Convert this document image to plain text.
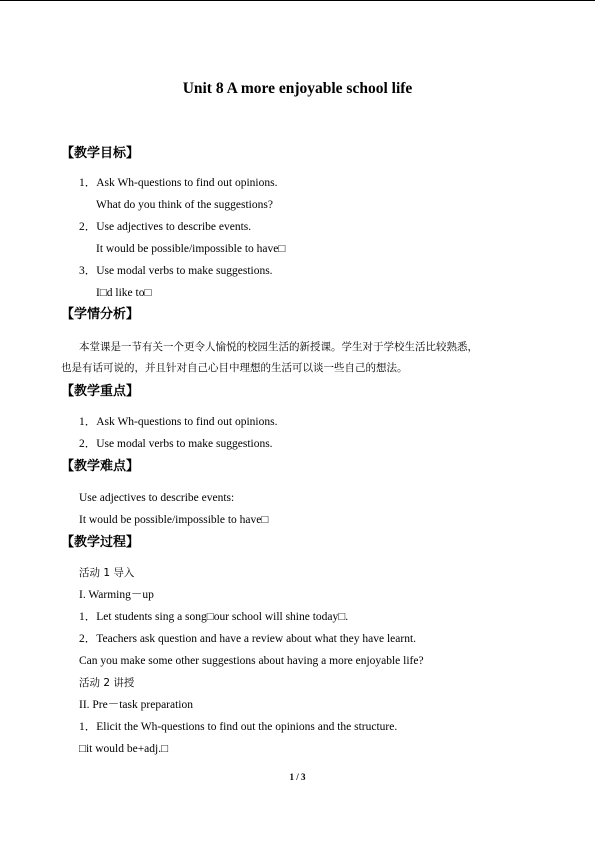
Unit 8 A more enjoyable school life
【教学目标】
1．Ask Wh-questions to find out opinions.
What do you think of the suggestions?
2．Use adjectives to describe events.
It would be possible/impossible to have□
3．Use modal verbs to make suggestions.
I□d like to□
【学情分析】
本堂课是一节有关一个更令人愉悦的校园生活的新授课。学生对于学校生活比较熟悉，
也是有话可说的，并且针对自己心目中理想的生活可以谈一些自己的想法。
【教学重点】
1．Ask Wh-questions to find out opinions.
2．Use modal verbs to make suggestions.
【教学难点】
Use adjectives to describe events:
It would be possible/impossible to have□
【教学过程】
活动 1 导入
I. Warming－up
1．Let students sing a song□our school will shine today□.
2．Teachers ask question and have a review about what they have learnt.
Can you make some other suggestions about having a more enjoyable life?
活动 2 讲授
II. Pre－task preparation
1．Elicit the Wh-questions to find out the opinions and the structure.
□it would be+adj.□
1 / 3
